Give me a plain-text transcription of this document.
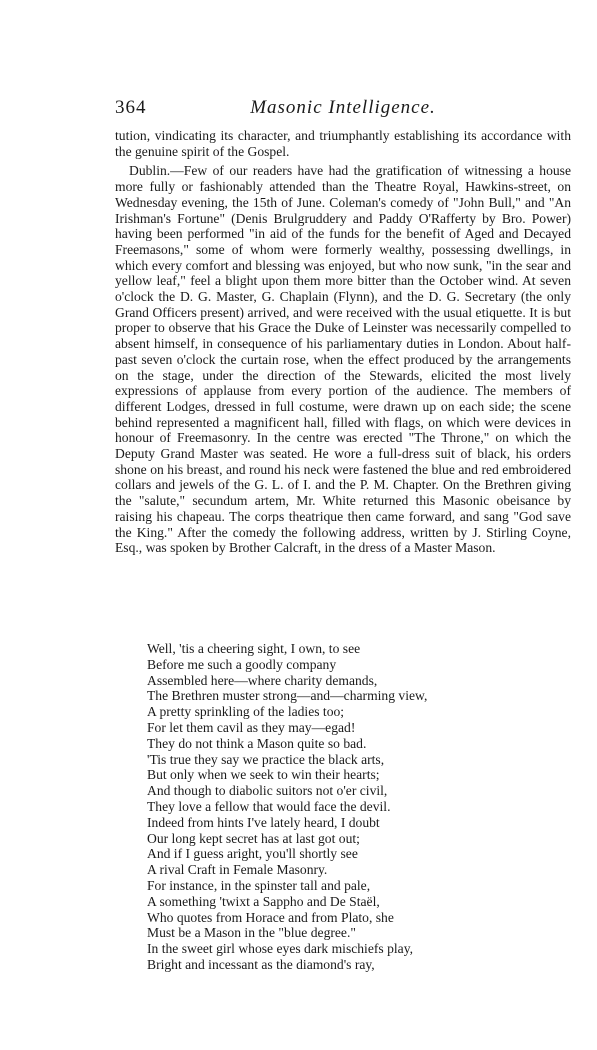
364	Masonic Intelligence.

tution, vindicating its character, and triumphantly establishing its accordance with the genuine spirit of the Gospel.

Dublin.—Few of our readers have had the gratification of witnessing a house more fully or fashionably attended than the Theatre Royal, Hawkins-street, on Wednesday evening, the 15th of June. Coleman's comedy of "John Bull," and "An Irishman's Fortune" (Denis Brulgruddery and Paddy O'Rafferty by Bro. Power) having been performed "in aid of the funds for the benefit of Aged and Decayed Freemasons," some of whom were formerly wealthy, possessing dwellings, in which every comfort and blessing was enjoyed, but who now sunk, "in the sear and yellow leaf," feel a blight upon them more bitter than the October wind. At seven o'clock the D. G. Master, G. Chaplain (Flynn), and the D. G. Secretary (the only Grand Officers present) arrived, and were received with the usual etiquette. It is but proper to observe that his Grace the Duke of Leinster was necessarily compelled to absent himself, in consequence of his parliamentary duties in London. About half-past seven o'clock the curtain rose, when the effect produced by the arrangements on the stage, under the direction of the Stewards, elicited the most lively expressions of applause from every portion of the audience. The members of different Lodges, dressed in full costume, were drawn up on each side; the scene behind represented a magnificent hall, filled with flags, on which were devices in honour of Freemasonry. In the centre was erected "The Throne," on which the Deputy Grand Master was seated. He wore a full-dress suit of black, his orders shone on his breast, and round his neck were fastened the blue and red embroidered collars and jewels of the G. L. of I. and the P. M. Chapter. On the Brethren giving the "salute," secundum artem, Mr. White returned this Masonic obeisance by raising his chapeau. The corps theatrique then came forward, and sang "God save the King." After the comedy the following address, written by J. Stirling Coyne, Esq., was spoken by Brother Calcraft, in the dress of a Master Mason.

Well, 'tis a cheering sight, I own, to see
Before me such a goodly company
Assembled here—where charity demands,
The Brethren muster strong—and—charming view,
A pretty sprinkling of the ladies too;
For let them cavil as they may—egad!
They do not think a Mason quite so bad.
'Tis true they say we practice the black arts,
But only when we seek to win their hearts;
And though to diabolic suitors not o'er civil,
They love a fellow that would face the devil.
Indeed from hints I've lately heard, I doubt
Our long kept secret has at last got out;
And if I guess aright, you'll shortly see
A rival Craft in Female Masonry.
For instance, in the spinster tall and pale,
A something 'twixt a Sappho and De Staël,
Who quotes from Horace and from Plato, she
Must be a Mason in the "blue degree."
In the sweet girl whose eyes dark mischiefs play,
Bright and incessant as the diamond's ray,
